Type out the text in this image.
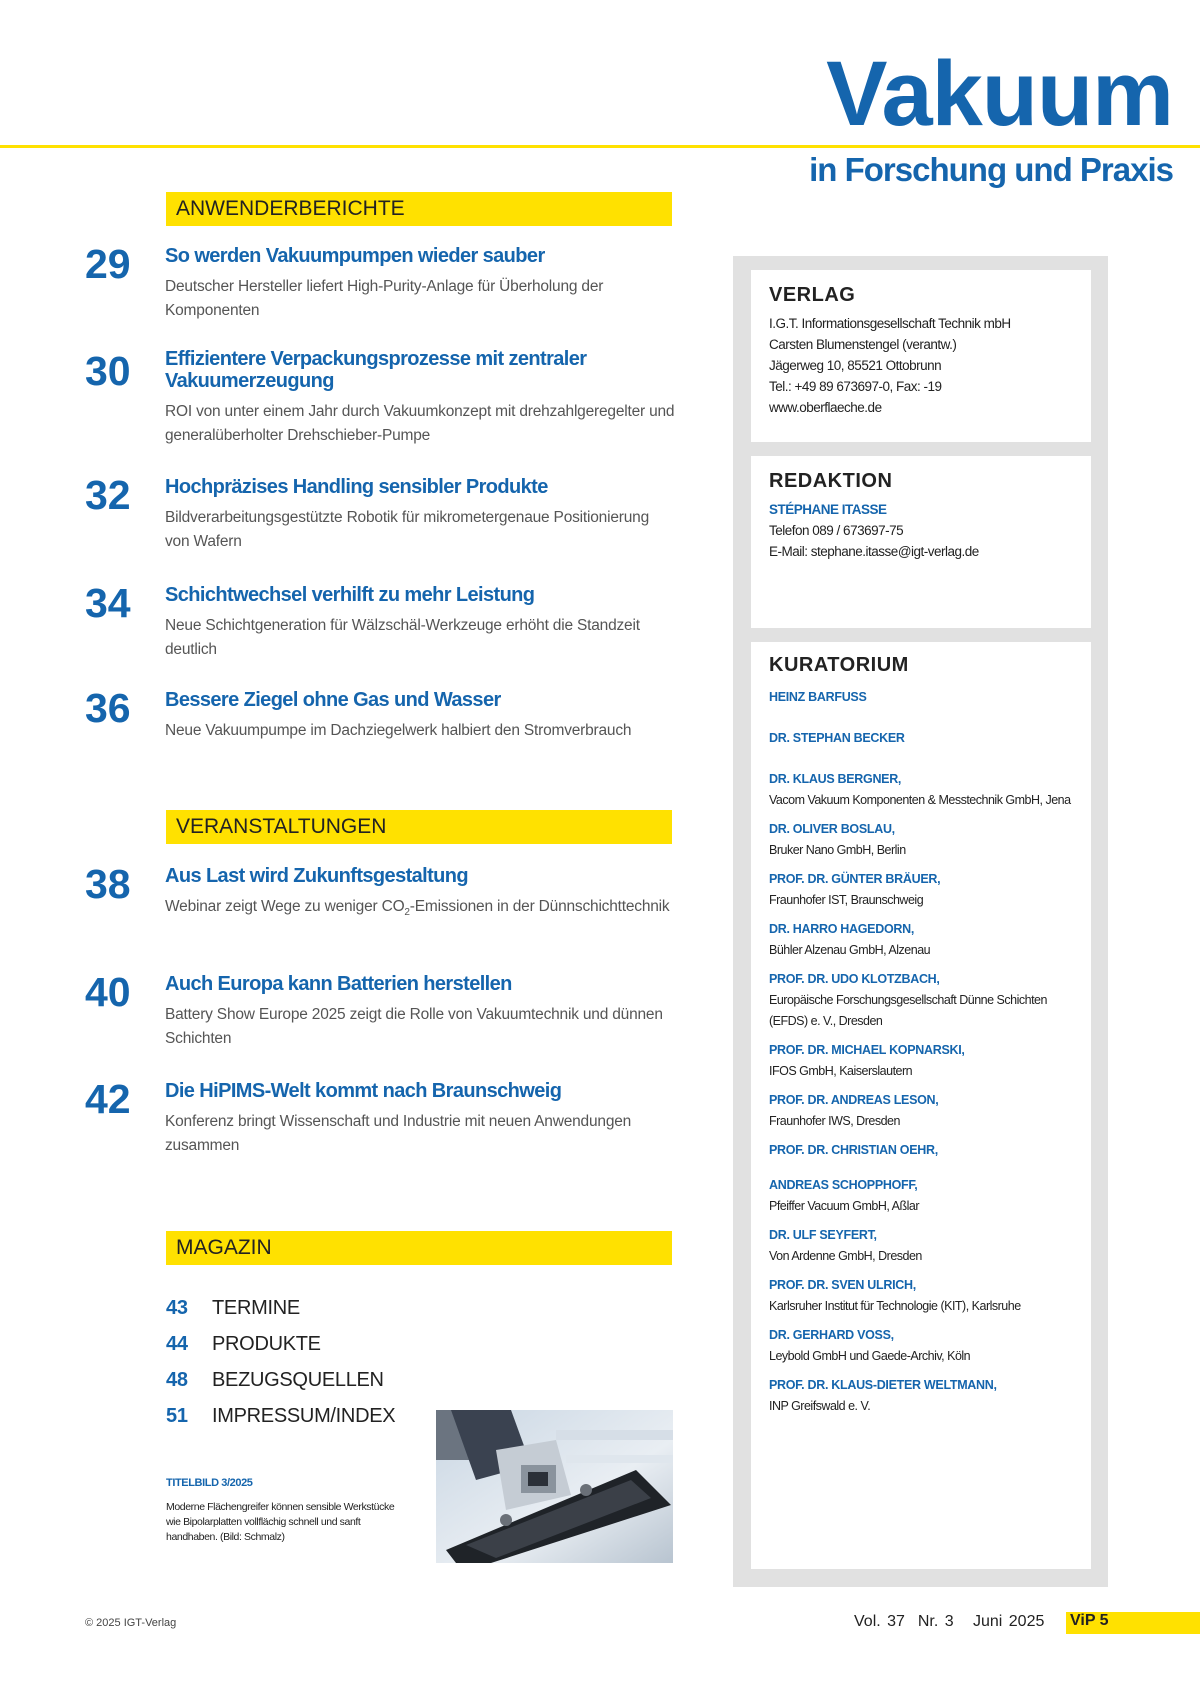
Vakuum
in Forschung und Praxis
ANWENDERBERICHTE
29 So werden Vakuumpumpen wieder sauber
Deutscher Hersteller liefert High-Purity-Anlage für Überholung der Komponenten
30 Effizientere Verpackungsprozesse mit zentraler Vakuumerzeugung
ROI von unter einem Jahr durch Vakuumkonzept mit drehzahlgeregelter und generalüberholter Drehschieber-Pumpe
32 Hochpräzises Handling sensibler Produkte
Bildverarbeitungsgestützte Robotik für mikrometergenaue Positionierung von Wafern
34 Schichtwechsel verhilft zu mehr Leistung
Neue Schichtgeneration für Wälzschäl-Werkzeuge erhöht die Standzeit deutlich
36 Bessere Ziegel ohne Gas und Wasser
Neue Vakuumpumpe im Dachziegelwerk halbiert den Stromverbrauch
VERANSTALTUNGEN
38 Aus Last wird Zukunftsgestaltung
Webinar zeigt Wege zu weniger $CO_2$-Emissionen in der Dünnschichttechnik
40 Auch Europa kann Batterien herstellen
Battery Show Europe 2025 zeigt die Rolle von Vakuumtechnik und dünnen Schichten
42 Die HiPIMS-Welt kommt nach Braunschweig
Konferenz bringt Wissenschaft und Industrie mit neuen Anwendungen zusammen
MAGAZIN
43 TERMINE
44 PRODUKTE
48 BEZUGSQUELLEN
51 IMPRESSUM/INDEX
TITELBILD 3/2025
Moderne Flächengreifer können sensible Werkstücke wie Bipolarplatten vollflächig schnell und sanft handhaben. (Bild: Schmalz)
VERLAG
I.G.T. Informationsgesellschaft Technik mbH
Carsten Blumenstengel (verantw.)
Jägerweg 10, 85521 Ottobrunn
Tel.: +49 89 673697-0, Fax: -19
www.oberflaeche.de
REDAKTION
STÉPHANE ITASSE
Telefon 089 / 673697-75
E-Mail: stephane.itasse@igt-verlag.de
KURATORIUM
HEINZ BARFUSS
DR. STEPHAN BECKER
DR. KLAUS BERGNER,
Vacom Vakuum Komponenten & Messtechnik GmbH, Jena
DR. OLIVER BOSLAU,
Bruker Nano GmbH, Berlin
PROF. DR. GÜNTER BRÄUER,
Fraunhofer IST, Braunschweig
DR. HARRO HAGEDORN,
Bühler Alzenau GmbH, Alzenau
PROF. DR. UDO KLOTZBACH,
Europäische Forschungsgesellschaft Dünne Schichten (EFDS) e. V., Dresden
PROF. DR. MICHAEL KOPNARSKI,
IFOS GmbH, Kaiserslautern
PROF. DR. ANDREAS LESON,
Fraunhofer IWS, Dresden
PROF. DR. CHRISTIAN OEHR,
ANDREAS SCHOPPHOFF,
Pfeiffer Vacuum GmbH, Aßlar
DR. ULF SEYFERT,
Von Ardenne GmbH, Dresden
PROF. DR. SVEN ULRICH,
Karlsruher Institut für Technologie (KIT), Karlsruhe
DR. GERHARD VOSS,
Leybold GmbH und Gaede-Archiv, Köln
PROF. DR. KLAUS-DIETER WELTMANN,
INP Greifswald e. V.
© 2025 IGT-Verlag	Vol. 37 Nr. 3 Juni 2025 ViP 5
